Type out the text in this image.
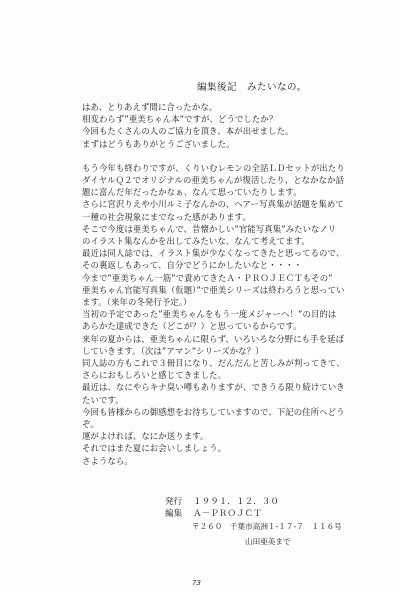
編集後記　みたいなの。
はあ、とりあえず間に合ったかな。
相変わらず”亜美ちゃん本”ですが、どうでしたか？
今回もたくさんの人のご協力を頂き、本が出せました。
まずはどうもありがとうございました。
もう今年も終わりですが、くりいむレモンの全話ＬＤセットが出たり
ダイヤルＱ２でオリジナルの亜美ちゃんが復活したり、となかなか話
題に富んだ年だったかなぁ、なんて思っていたりします。
さらに宮沢りえや小川ルミ子なんかの、ヘアー写真集が話題を集めて
一種の社会現象にまでなった感があります。
そこで今度は亜美ちゃんで、昔懐かしい”官能写真集”みたいなノリ
のイラスト集なんかを出してみたいな、なんて考えてます。
最近は同人誌では、イラスト集が少なくなってきたと思ってるので、
その裏返しもあって、自分でどうにかしたいなと・・・・
今まで”亜美ちゃん一筋”で責めてきたＡ・ＰＲＯＪＥＣＴもその”
亜美ちゃん官能写真集（仮題）”で亜美シリーズは終わろうと思ってい
ます。（来年の冬発行予定。）
当初の予定であった”亜美ちゃんをもう一度メジャーへ！”の目的は
あらかた達成できた（どこが？）と思っているからです。
来年の夏からは、亜美ちゃんに限らず、いろいろな分野にも手を延ば
していきます。（次は”アマン”シリーズかな？）
同人誌の方もこれで３冊目になり、だんだんと苦しみが判ってきて、
さらにおもしろいと感じてきました。
最近は、なにやらキナ臭い噂もありますが、できうる限り続けていき
たいです。
今回も皆様からの御感想をお待ちしていますので、下記の住所へどう
ぞ。
運がよければ、なにか送ります。
それではまた夏にお会いしましょう。
さようなら。
発行 １９９１．１２．３０
編集 Ａ－ＰＲＯＪＣＴ
〒２６０　千葉市高洲１-１７-７　１１６号
山田亜美まで
73
